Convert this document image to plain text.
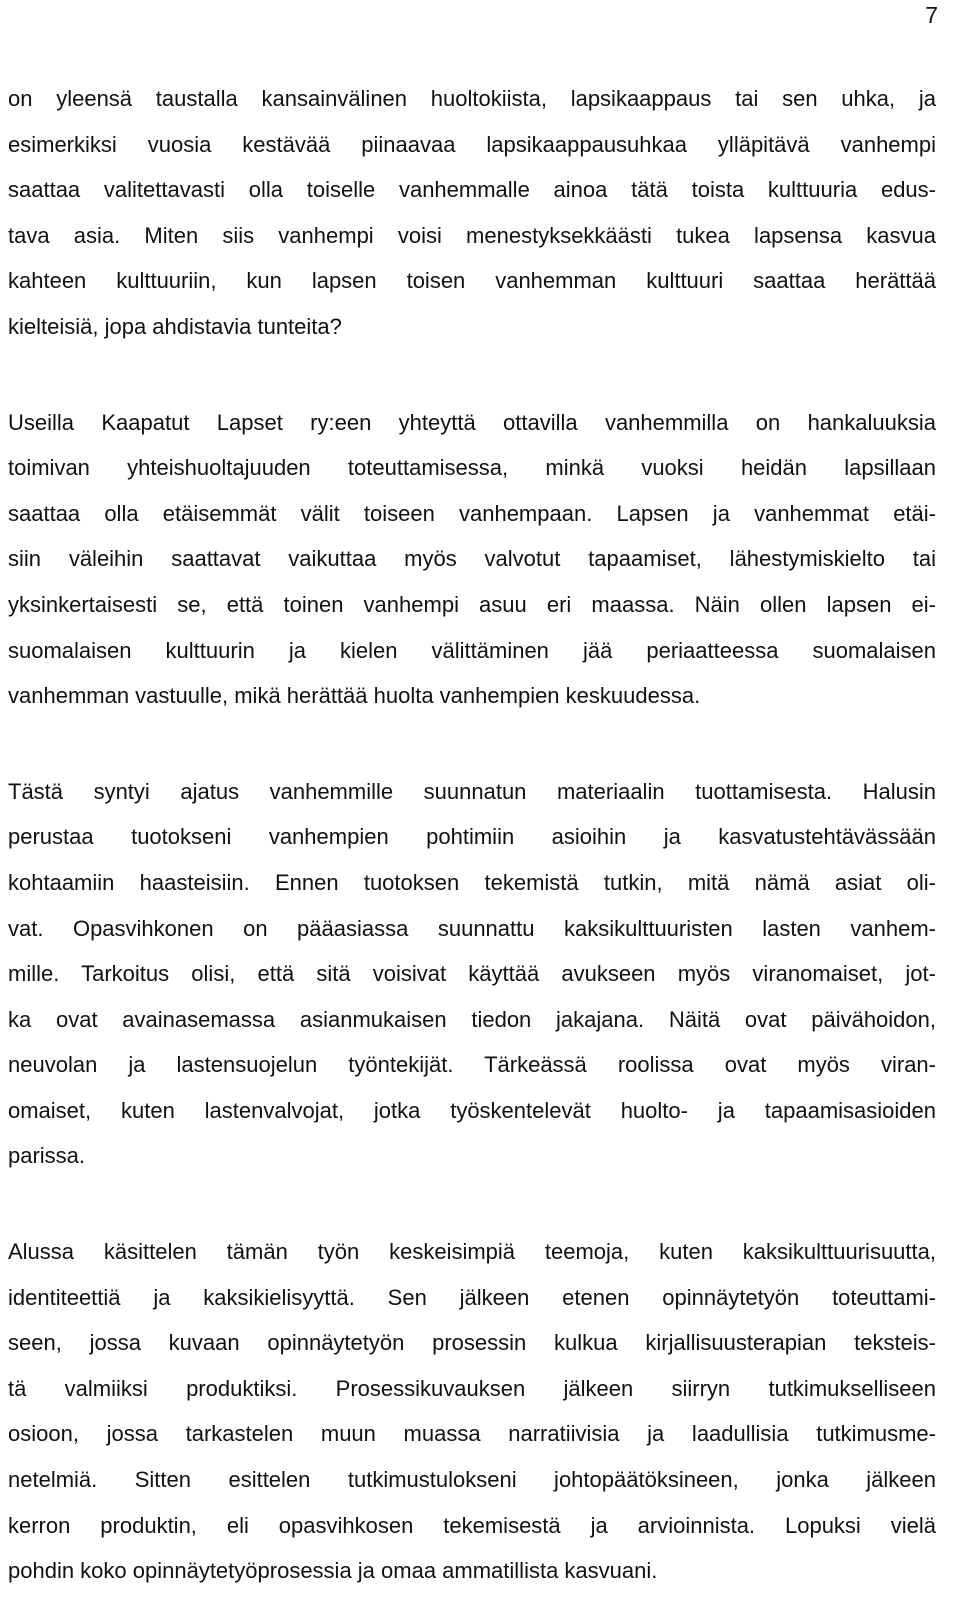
7

on yleensä taustalla kansainvälinen huoltokiista, lapsikaappaus tai sen uhka, ja
esimerkiksi vuosia kestävää piinaavaa lapsikaappausuhkaa ylläpitävä vanhempi
saattaa valitettavasti olla toiselle vanhemmalle ainoa tätä toista kulttuuria edus-
tava asia. Miten siis vanhempi voisi menestyksekkäästi tukea lapsensa kasvua
kahteen kulttuuriin, kun lapsen toisen vanhemman kulttuuri saattaa herättää
kielteisiä, jopa ahdistavia tunteita?

Useilla Kaapatut Lapset ry:een yhteyttä ottavilla vanhemmilla on hankaluuksia
toimivan yhteishuoltajuuden toteuttamisessa, minkä vuoksi heidän lapsillaan
saattaa olla etäisemmät välit toiseen vanhempaan. Lapsen ja vanhemmat etäi-
siin väleihin saattavat vaikuttaa myös valvotut tapaamiset, lähestymiskielto tai
yksinkertaisesti se, että toinen vanhempi asuu eri maassa. Näin ollen lapsen ei-
suomalaisen kulttuurin ja kielen välittäminen jää periaatteessa suomalaisen
vanhemman vastuulle, mikä herättää huolta vanhempien keskuudessa.

Tästä syntyi ajatus vanhemmille suunnatun materiaalin tuottamisesta. Halusin
perustaa tuotokseni vanhempien pohtimiin asioihin ja kasvatustehtävässään
kohtaamiin haasteisiin. Ennen tuotoksen tekemistä tutkin, mitä nämä asiat oli-
vat. Opasvihkonen on pääasiassa suunnattu kaksikulttuuristen lasten vanhem-
mille. Tarkoitus olisi, että sitä voisivat käyttää avukseen myös viranomaiset, jot-
ka ovat avainasemassa asianmukaisen tiedon jakajana. Näitä ovat päivähoidon,
neuvolan ja lastensuojelun työntekijät. Tärkeässä roolissa ovat myös viran-
omaiset, kuten lastenvalvojat, jotka työskentelevät huolto- ja tapaamisasioiden
parissa.

Alussa käsittelen tämän työn keskeisimpiä teemoja, kuten kaksikulttuurisuutta,
identiteettiä ja kaksikielisyyttä. Sen jälkeen etenen opinnäytetyön toteuttami-
seen, jossa kuvaan opinnäytetyön prosessin kulkua kirjallisuusterapian teksteis-
tä valmiiksi produktiksi. Prosessikuvauksen jälkeen siirryn tutkimukselliseen
osioon, jossa tarkastelen muun muassa narratiivisia ja laadullisia tutkimusme-
netelmiä. Sitten esittelen tutkimustulokseni johtopäätöksineen, jonka jälkeen
kerron produktin, eli opasvihkosen tekemisestä ja arvioinnista. Lopuksi vielä
pohdin koko opinnäytetyöprosessia ja omaa ammatillista kasvuani.
